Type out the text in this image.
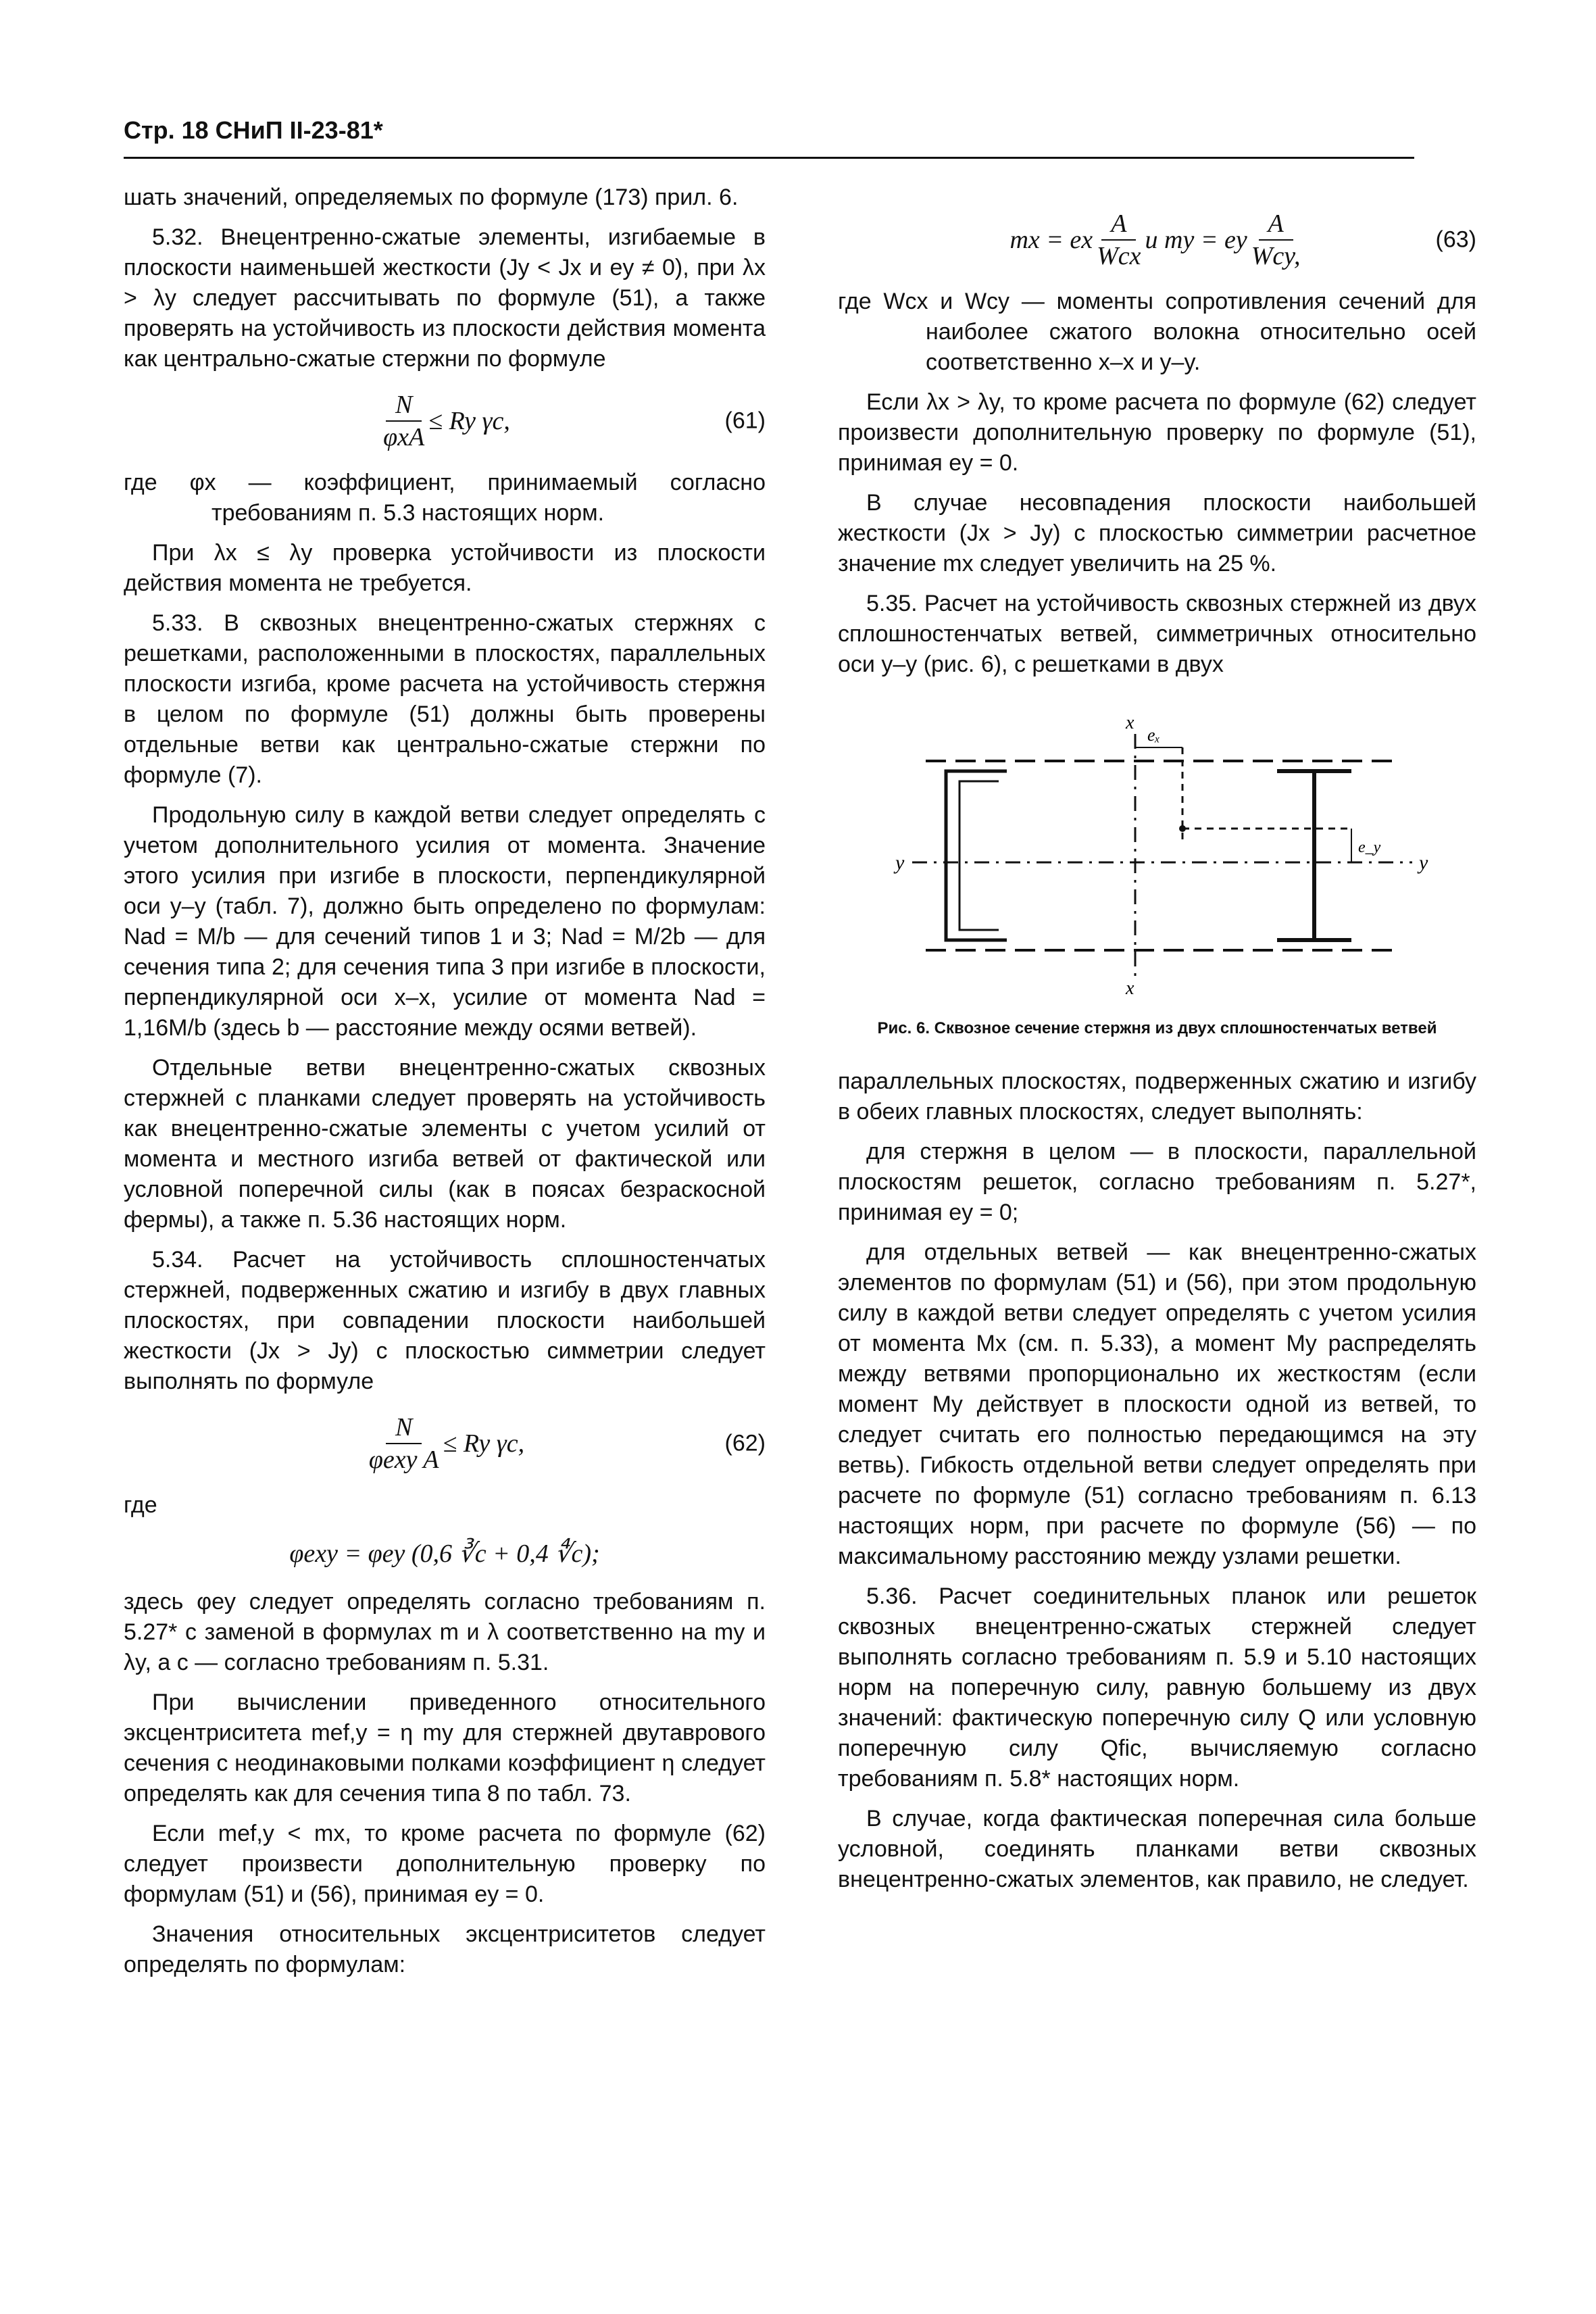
Стр. 18 СНиП II-23-81*

шать значений, определяемых по формуле (173) прил. 6.

5.32. Внецентренно-сжатые элементы, изгибаемые в плоскости наименьшей жесткости (Jy < Jx и ey ≠ 0), при λx > λy следует рассчитывать по формуле (51), а также проверять на устойчивость из плоскости действия момента как центрально-сжатые стержни по формуле

$\frac{N}{\text{φxA}} \le Ry$ γc,	(61)

где φx — коэффициент, принимаемый согласно требованиям п. 5.3 настоящих норм.

При λx ≤ λy проверка устойчивости из плоскости действия момента не требуется.

5.33. В сквозных внецентренно-сжатых стержнях с решетками, расположенными в плоскостях, параллельных плоскости изгиба, кроме расчета на устойчивость стержня в целом по формуле (51) должны быть проверены отдельные ветви как центрально-сжатые стержни по формуле (7).

Продольную силу в каждой ветви следует определять с учетом дополнительного усилия от момента. Значение этого усилия при изгибе в плоскости, перпендикулярной оси y–y (табл. 7), должно быть определено по формулам: Nad = M/b — для сечений типов 1 и 3; Nad = M/2b — для сечения типа 2; для сечения типа 3 при изгибе в плоскости, перпендикулярной оси x–x, усилие от момента Nad = 1,16M/b (здесь b — расстояние между осями ветвей).

Отдельные ветви внецентренно-сжатых сквозных стержней с планками следует проверять на устойчивость как внецентренно-сжатые элементы с учетом усилий от момента и местного изгиба ветвей от фактической или условной поперечной силы (как в поясах безраскосной фермы), а также п. 5.36 настоящих норм.

5.34. Расчет на устойчивость сплошностенчатых стержней, подверженных сжатию и изгибу в двух главных плоскостях, при совпадении плоскости наибольшей жесткости (Jx > Jy) с плоскостью симметрии следует выполнять по формуле

$\frac{N}{\text{φexy A}} \le Ry$ γc,	(62)

где

φexy = φey (0,6 ∛c + 0,4 ∜c);

здесь φey следует определять согласно требованиям п. 5.27* с заменой в формулах m и λ соответственно на my и λy, а c — согласно требованиям п. 5.31.

При вычислении приведенного относительного эксцентриситета mef,y = η my для стержней двутаврового сечения с неодинаковыми полками коэффициент η следует определять как для сечения типа 8 по табл. 73.

Если mef,y < mx, то кроме расчета по формуле (62) следует произвести дополнительную проверку по формулам (51) и (56), принимая ey = 0.

Значения относительных эксцентриситетов следует определять по формулам:

mx = ex $\frac{A}{\text{Wcx}}$ и my = ey $\frac{A}{\text{Wcy,}}$	(63)

где Wcx и Wcy — моменты сопротивления сечений для наиболее сжатого волокна относительно осей соответственно x–x и y–y.

Если λx > λy, то кроме расчета по формуле (62) следует произвести дополнительную проверку по формуле (51), принимая ey = 0.

В случае несовпадения плоскости наибольшей жесткости (Jx > Jy) с плоскостью симметрии расчетное значение mx следует увеличить на 25 %.

5.35. Расчет на устойчивость сквозных стержней из двух сплошностенчатых ветвей, симметричных относительно оси y–y (рис. 6), с решетками в двух

x
x
y	y
eₓ
e_y
Рис. 6. Сквозное сечение стержня из двух сплошностенчатых ветвей

параллельных плоскостях, подверженных сжатию и изгибу в обеих главных плоскостях, следует выполнять:

для стержня в целом — в плоскости, параллельной плоскостям решеток, согласно требованиям п. 5.27*, принимая ey = 0;

для отдельных ветвей — как внецентренно-сжатых элементов по формулам (51) и (56), при этом продольную силу в каждой ветви следует определять с учетом усилия от момента Mx (см. п. 5.33), а момент My распределять между ветвями пропорционально их жесткостям (если момент My действует в плоскости одной из ветвей, то следует считать его полностью передающимся на эту ветвь). Гибкость отдельной ветви следует определять при расчете по формуле (51) согласно требованиям п. 6.13 настоящих норм, при расчете по формуле (56) — по максимальному расстоянию между узлами решетки.

5.36. Расчет соединительных планок или решеток сквозных внецентренно-сжатых стержней следует выполнять согласно требованиям п. 5.9 и 5.10 настоящих норм на поперечную силу, равную большему из двух значений: фактическую поперечную силу Q или условную поперечную силу Qfic, вычисляемую согласно требованиям п. 5.8* настоящих норм.

В случае, когда фактическая поперечная сила больше условной, соединять планками ветви сквозных внецентренно-сжатых элементов, как правило, не следует.
